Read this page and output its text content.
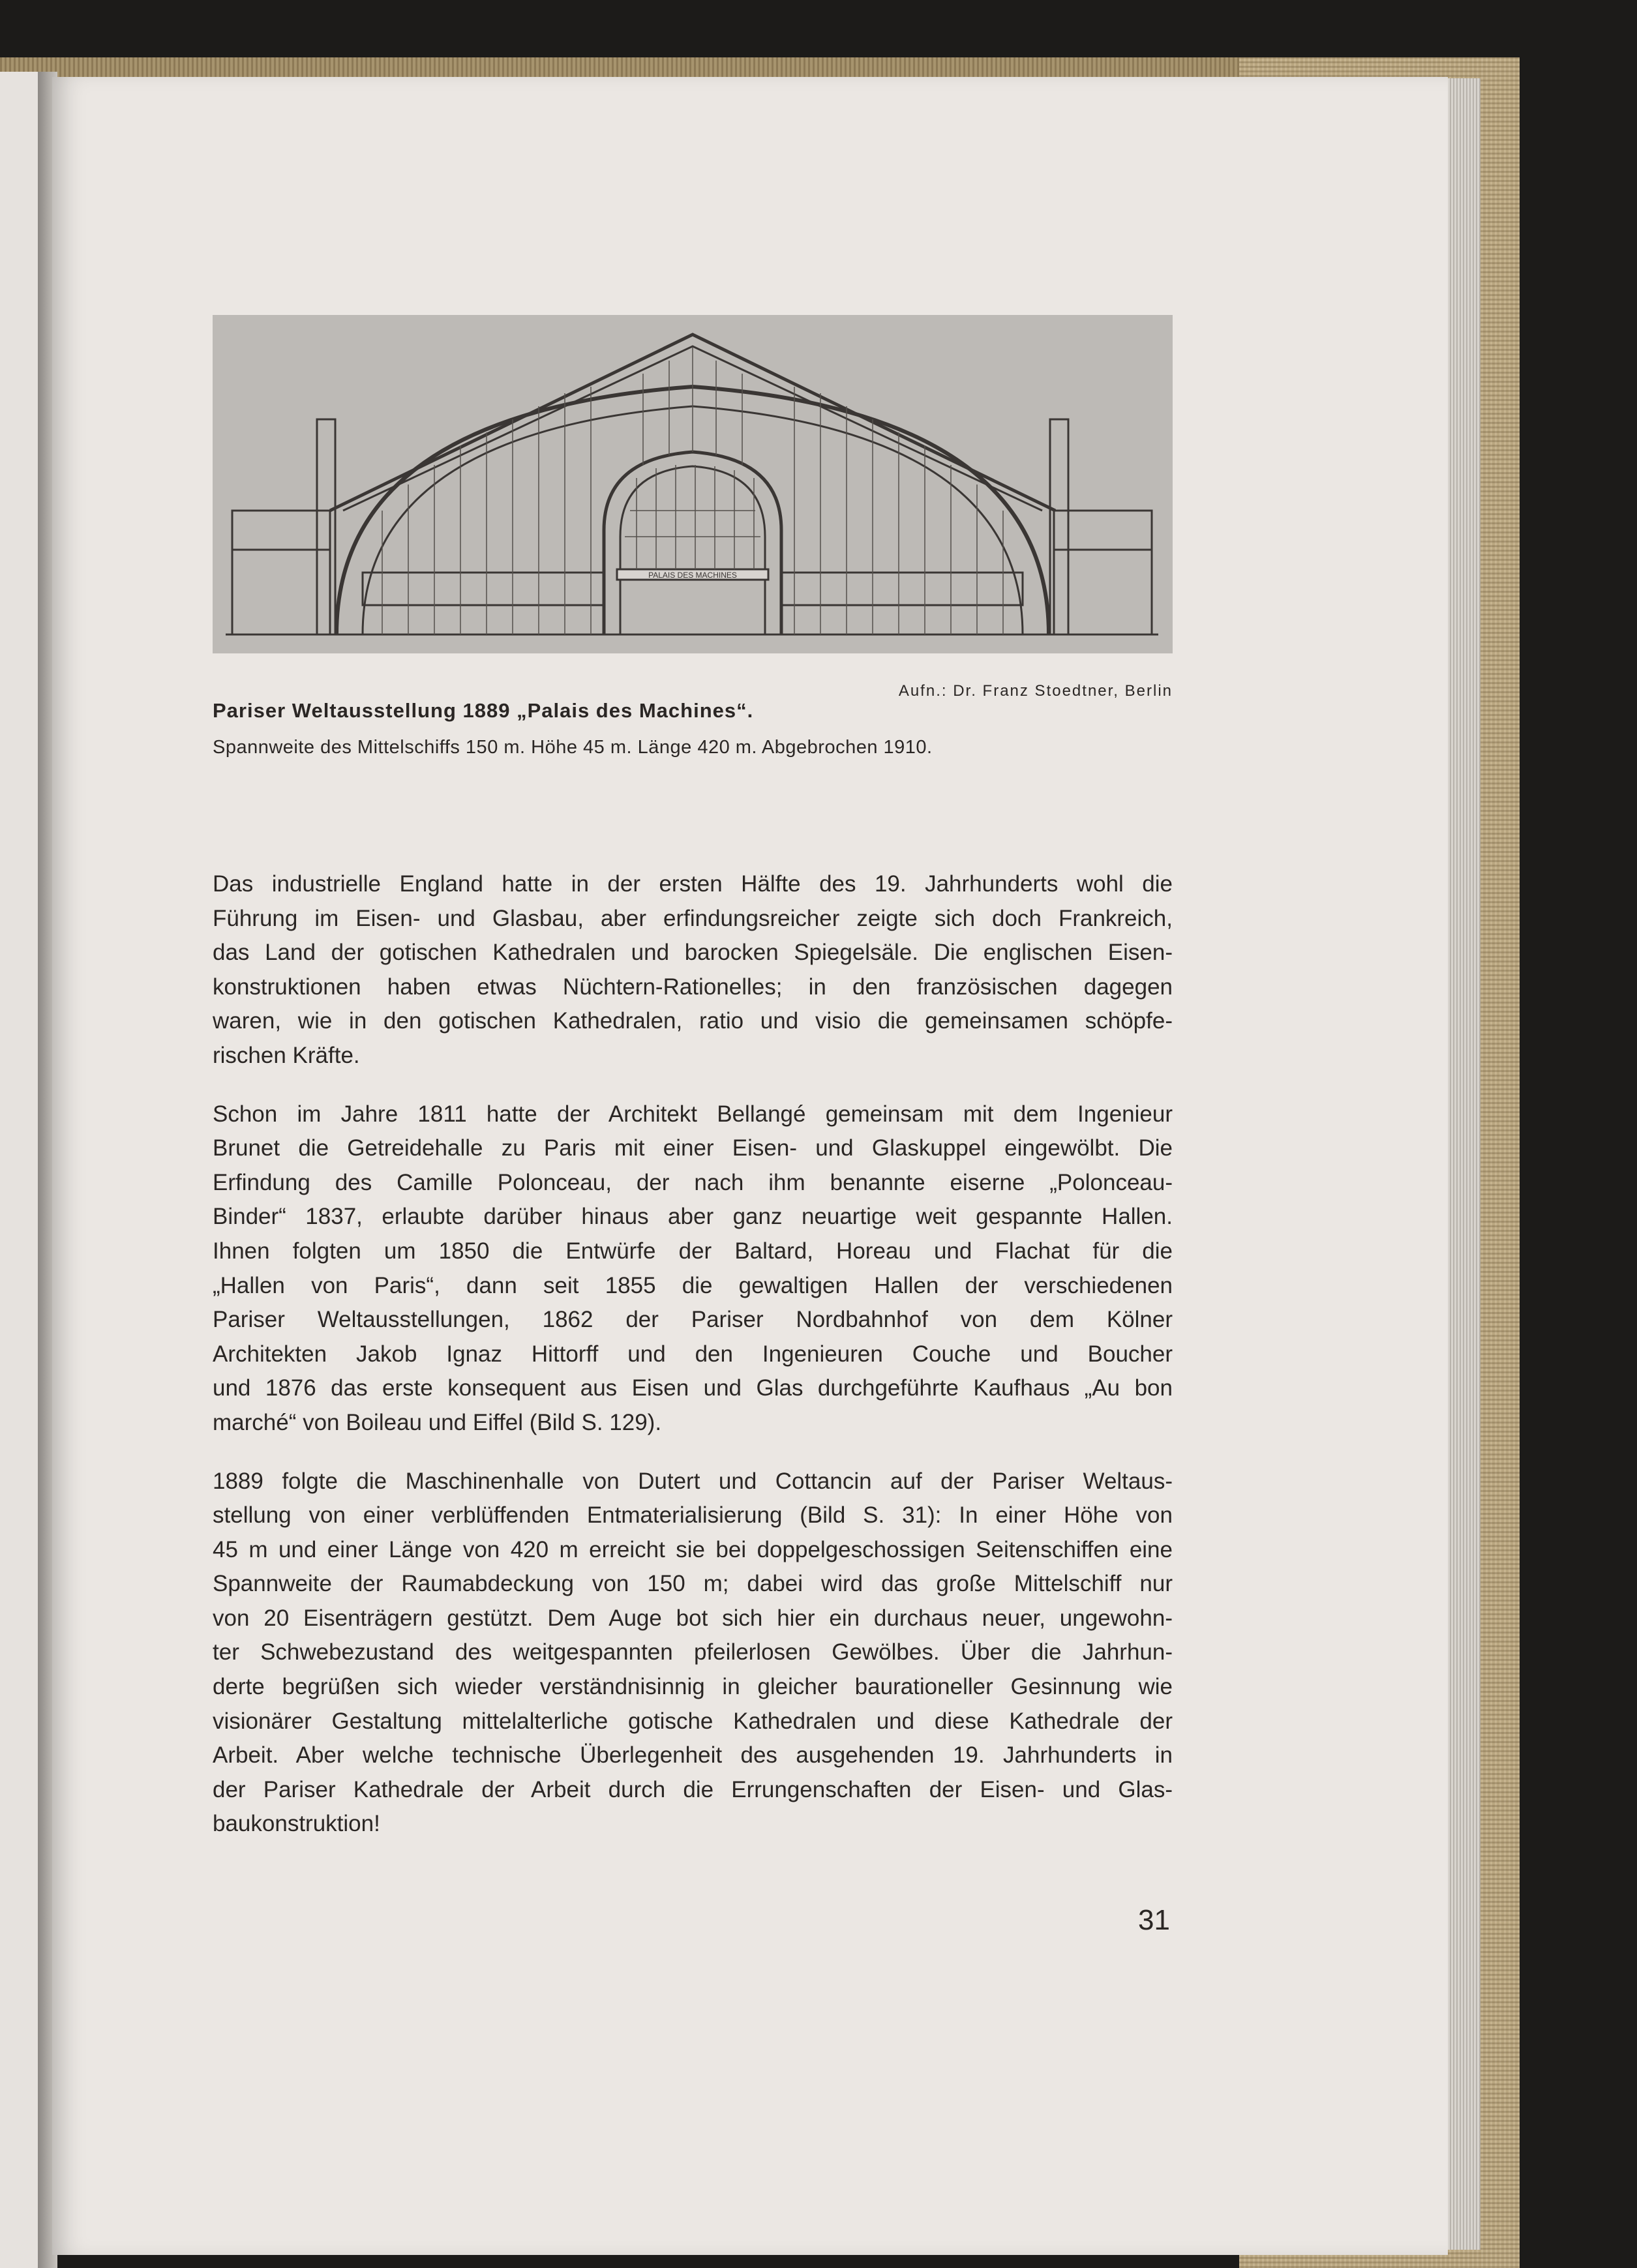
PALAIS DES MACHINES
Aufn.: Dr. Franz Stoedtner, Berlin
Pariser Weltausstellung 1889 „Palais des Machines“.
Spannweite des Mittelschiffs 150 m. Höhe 45 m. Länge 420 m. Abgebrochen 1910.
Das industrielle England hatte in der ersten Hälfte des 19. Jahrhunderts wohl die
Führung im Eisen- und Glasbau, aber erfindungsreicher zeigte sich doch Frankreich,
das Land der gotischen Kathedralen und barocken Spiegelsäle. Die englischen Eisen-
konstruktionen haben etwas Nüchtern-Rationelles; in den französischen dagegen
waren, wie in den gotischen Kathedralen, ratio und visio die gemeinsamen schöpfe-
rischen Kräfte.
Schon im Jahre 1811 hatte der Architekt Bellangé gemeinsam mit dem Ingenieur
Brunet die Getreidehalle zu Paris mit einer Eisen- und Glaskuppel eingewölbt. Die
Erfindung des Camille Polonceau, der nach ihm benannte eiserne „Polonceau-
Binder“ 1837, erlaubte darüber hinaus aber ganz neuartige weit gespannte Hallen.
Ihnen folgten um 1850 die Entwürfe der Baltard, Horeau und Flachat für die
„Hallen von Paris“, dann seit 1855 die gewaltigen Hallen der verschiedenen
Pariser Weltausstellungen, 1862 der Pariser Nordbahnhof von dem Kölner
Architekten Jakob Ignaz Hittorff und den Ingenieuren Couche und Boucher
und 1876 das erste konsequent aus Eisen und Glas durchgeführte Kaufhaus „Au bon
marché“ von Boileau und Eiffel (Bild S. 129).
1889 folgte die Maschinenhalle von Dutert und Cottancin auf der Pariser Weltaus-
stellung von einer verblüffenden Entmaterialisierung (Bild S. 31): In einer Höhe von
45 m und einer Länge von 420 m erreicht sie bei doppelgeschossigen Seitenschiffen eine
Spannweite der Raumabdeckung von 150 m; dabei wird das große Mittelschiff nur
von 20 Eisenträgern gestützt. Dem Auge bot sich hier ein durchaus neuer, ungewohn-
ter Schwebezustand des weitgespannten pfeilerlosen Gewölbes. Über die Jahrhun-
derte begrüßen sich wieder verständnisinnig in gleicher baurationeller Gesinnung wie
visionärer Gestaltung mittelalterliche gotische Kathedralen und diese Kathedrale der
Arbeit. Aber welche technische Überlegenheit des ausgehenden 19. Jahrhunderts in
der Pariser Kathedrale der Arbeit durch die Errungenschaften der Eisen- und Glas-
baukonstruktion!
31
